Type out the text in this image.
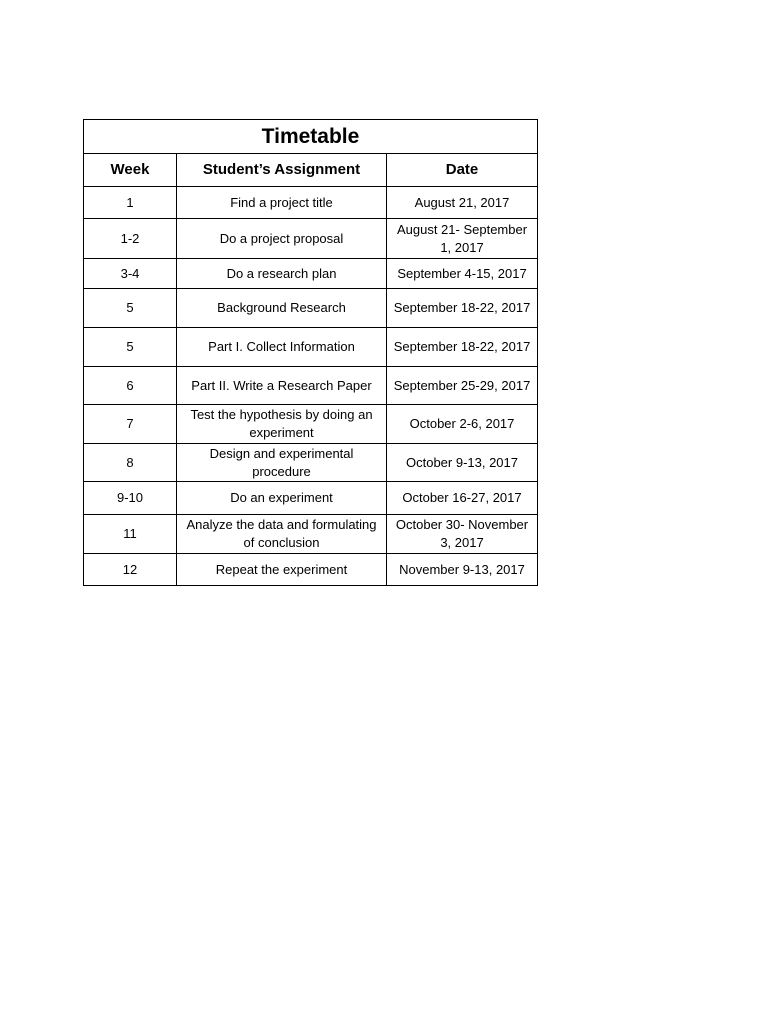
Timetable		
Week	Student’s Assignment	Date
1	Find a project title	August 21, 2017
1-2	Do a project proposal	August 21- September 1, 2017
3-4	Do a research plan	September 4-15, 2017
5	Background Research	September 18-22, 2017
5	Part I. Collect Information	September 18-22, 2017
6	Part II. Write a Research Paper	September 25-29, 2017
7	Test the hypothesis by doing an experiment	October 2-6, 2017
8	Design and experimental procedure	October 9-13, 2017
9-10	Do an experiment	October 16-27, 2017
11	Analyze the data and formulating of conclusion	October 30- November 3, 2017
12	Repeat the experiment	November 9-13, 2017
